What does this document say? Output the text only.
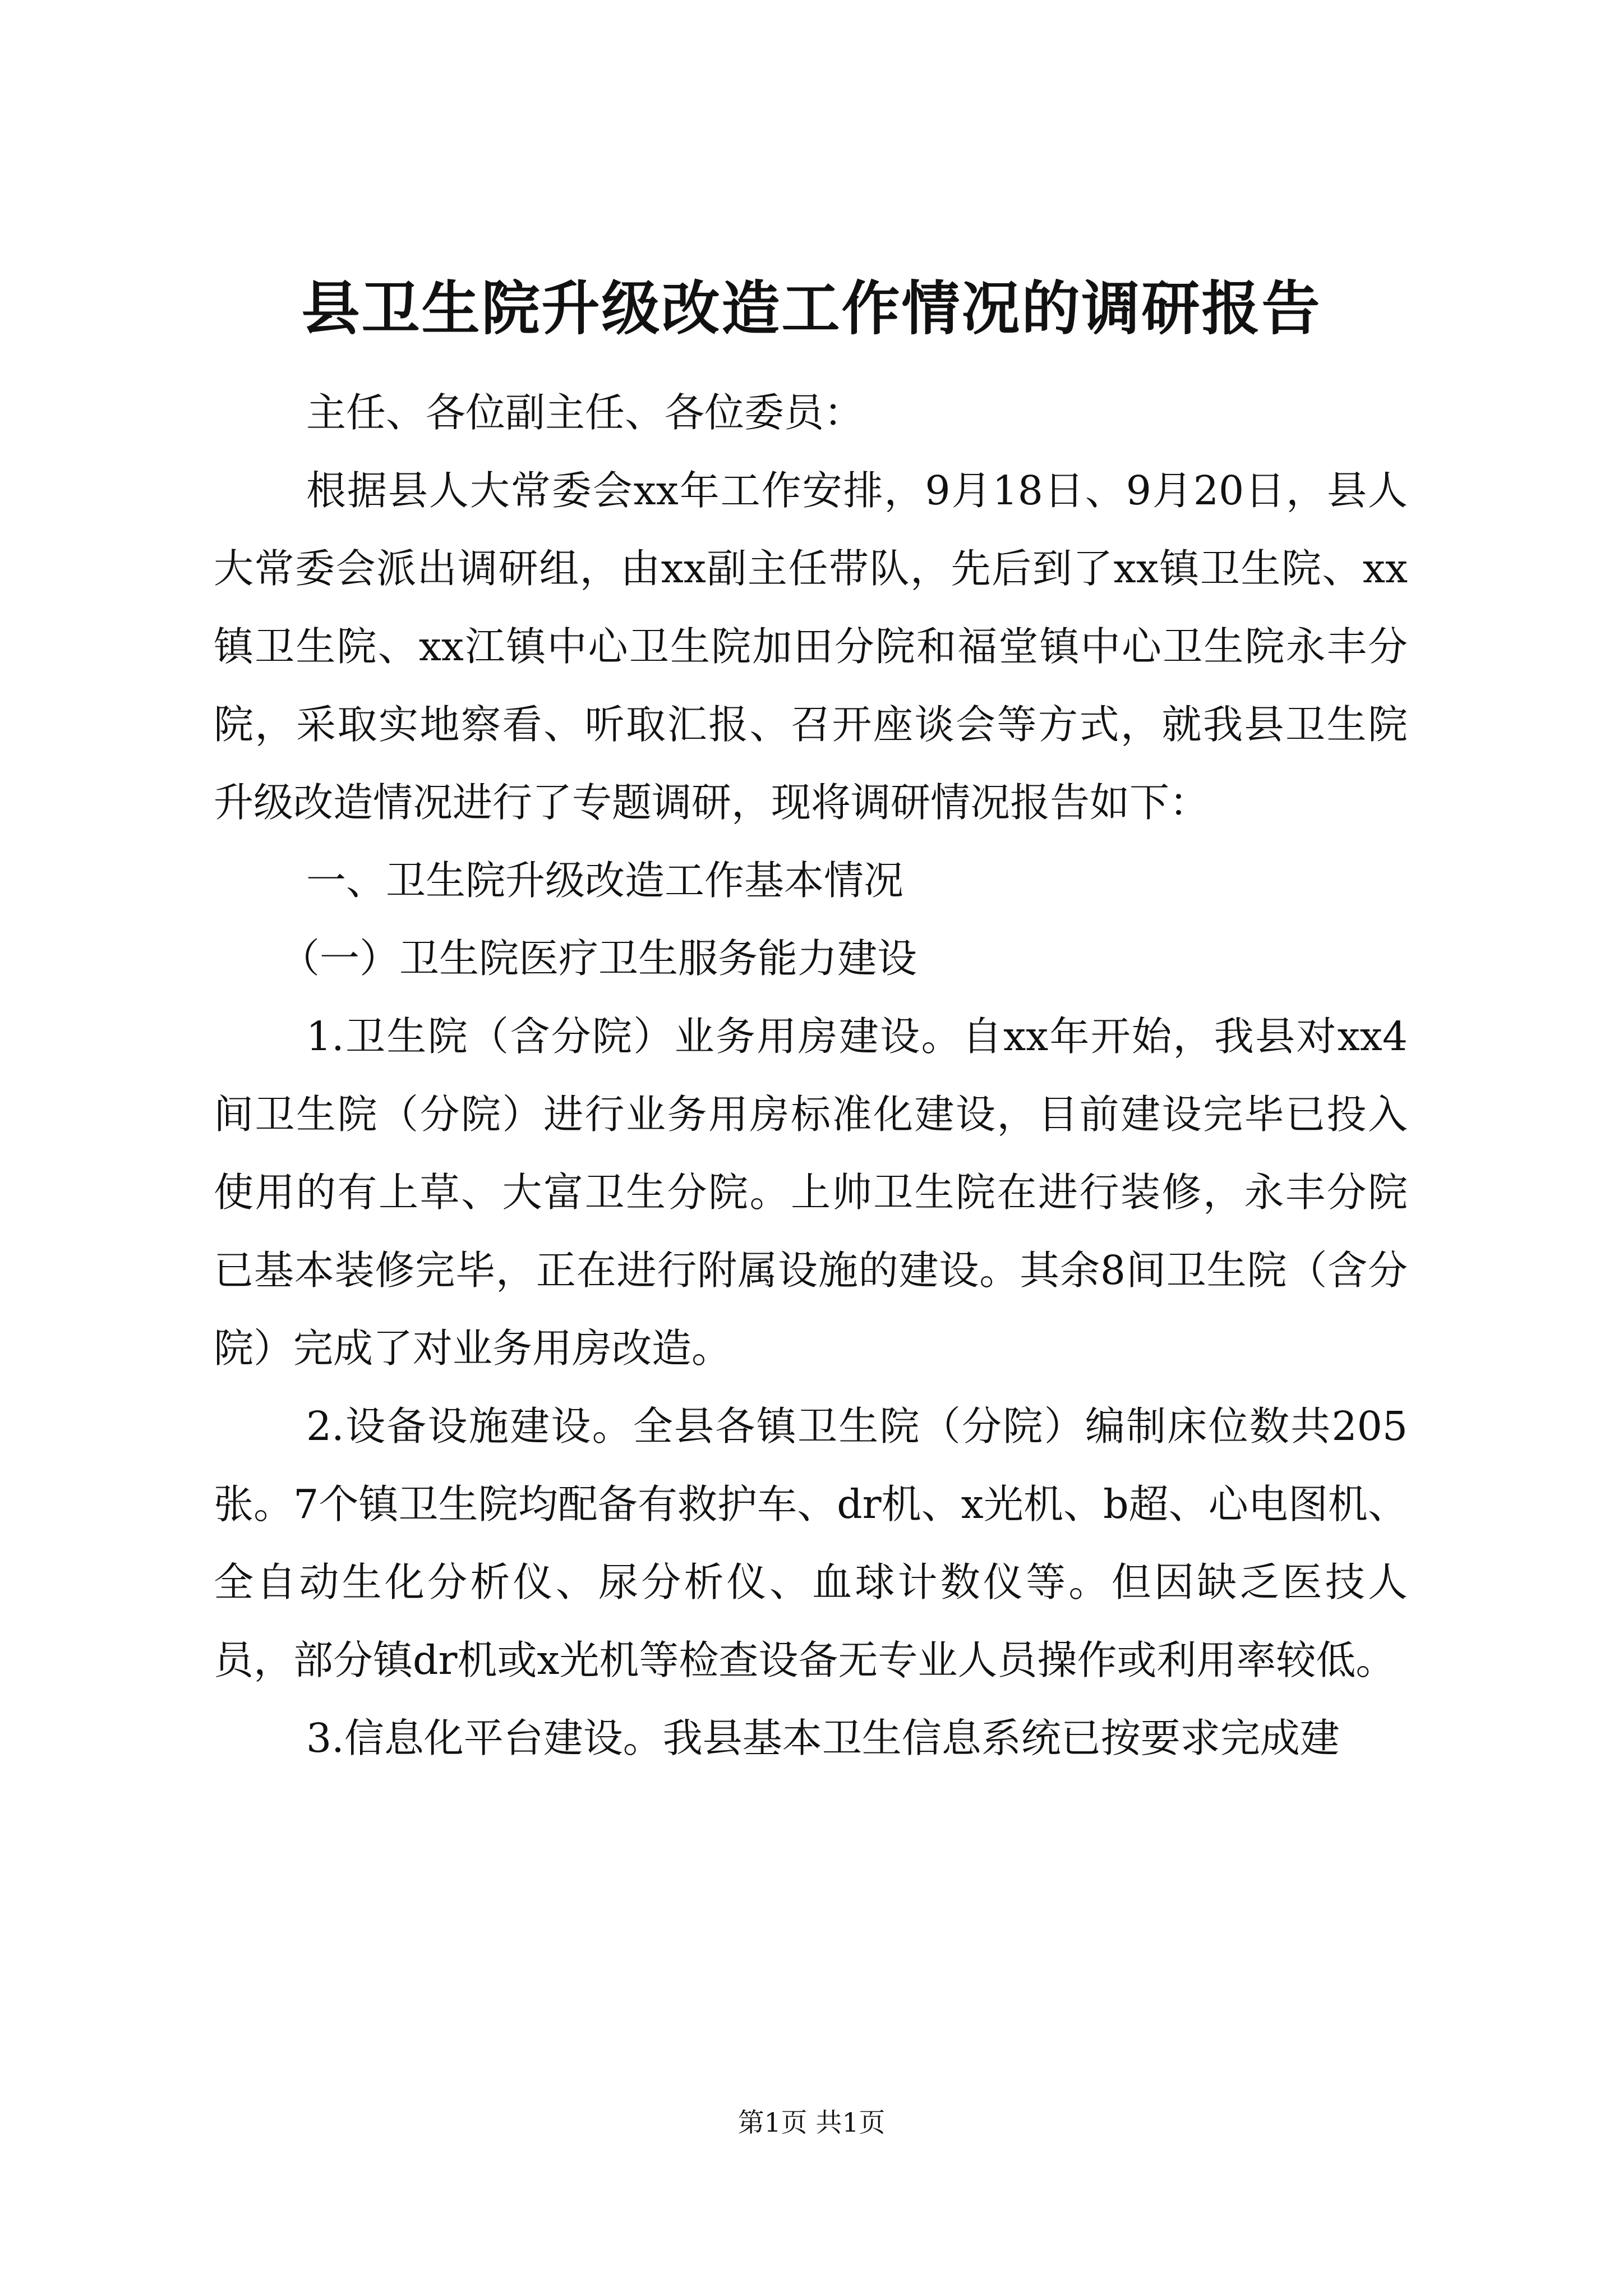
县卫生院升级改造工作情况的调研报告

主任、各位副主任、各位委员：

根据县人大常委会xx年工作安排，9月18日、9月20日，县人大常委会派出调研组，由xx副主任带队，先后到了xx镇卫生院、xx镇卫生院、xx江镇中心卫生院加田分院和福堂镇中心卫生院永丰分院，采取实地察看、听取汇报、召开座谈会等方式，就我县卫生院升级改造情况进行了专题调研，现将调研情况报告如下：

一、卫生院升级改造工作基本情况

（一）卫生院医疗卫生服务能力建设

1.卫生院（含分院）业务用房建设。自xx年开始，我县对xx4间卫生院（分院）进行业务用房标准化建设，目前建设完毕已投入使用的有上草、大富卫生分院。上帅卫生院在进行装修，永丰分院已基本装修完毕，正在进行附属设施的建设。其余8间卫生院（含分院）完成了对业务用房改造。

2.设备设施建设。全县各镇卫生院（分院）编制床位数共205张。7个镇卫生院均配备有救护车、dr机、x光机、b超、心电图机、全自动生化分析仪、尿分析仪、血球计数仪等。但因缺乏医技人员，部分镇dr机或x光机等检查设备无专业人员操作或利用率较低。

3.信息化平台建设。我县基本卫生信息系统已按要求完成建

第1页 共1页
